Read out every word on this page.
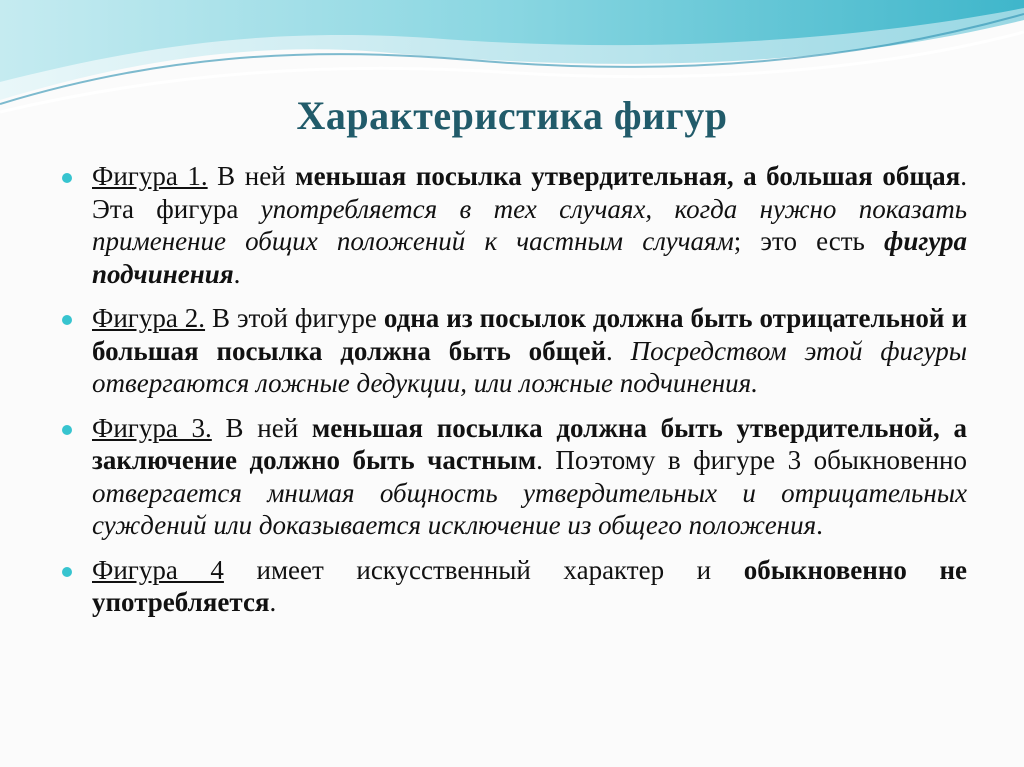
Характеристика фигур
Фигура 1. В ней меньшая посылка утвердительная, а большая общая. Эта фигура употребляется в тех случаях, когда нужно показать применение общих положений к частным случаям; это есть фигура подчинения.
Фигура 2. В этой фигуре одна из посылок должна быть отрицательной и большая посылка должна быть общей. Посредством этой фигуры отвергаются ложные дедукции, или ложные подчинения.
Фигура 3. В ней меньшая посылка должна быть утвердительной, а заключение должно быть частным. Поэтому в фигуре 3 обыкновенно отвергается мнимая общность утвердительных и отрицательных суждений или доказывается исключение из общего положения.
Фигура 4 имеет искусственный характер и обыкновенно не употребляется.
